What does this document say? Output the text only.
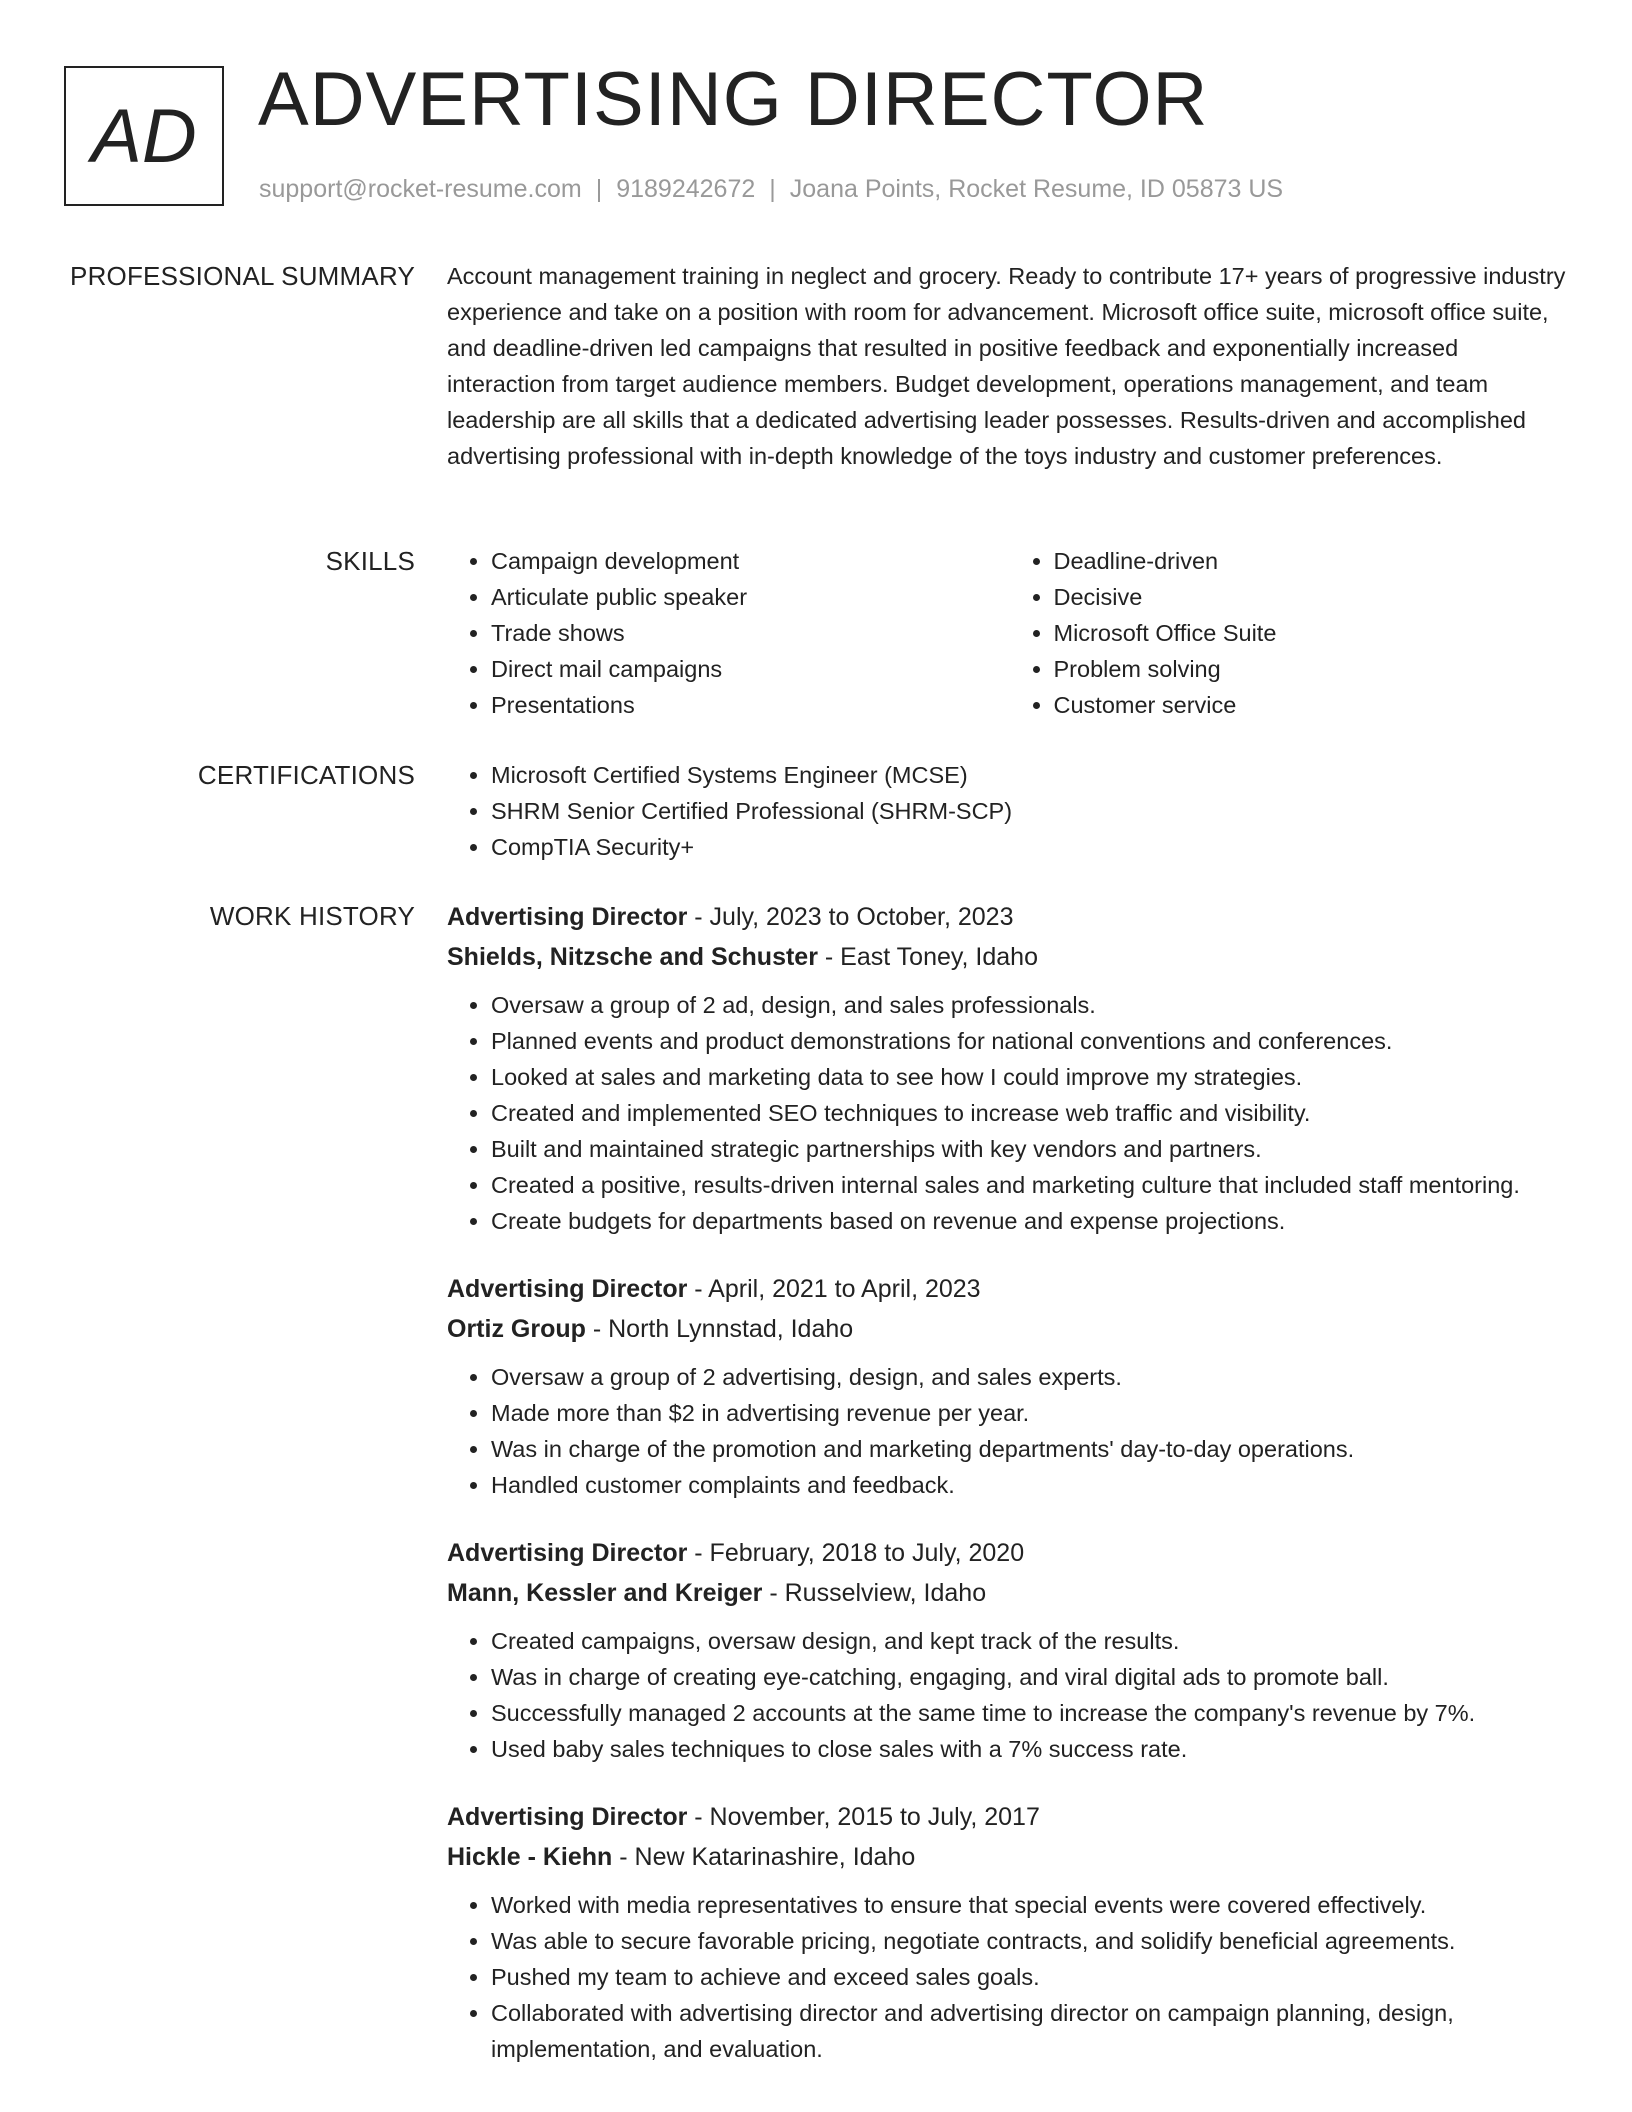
AD ADVERTISING DIRECTOR
support@rocket-resume.com | 9189242672 | Joana Points, Rocket Resume, ID 05873 US
PROFESSIONAL SUMMARY Account management training in neglect and grocery. Ready to contribute 17+ years of progressive industry experience and take on a position with room for advancement. Microsoft office suite, microsoft office suite, and deadline-driven led campaigns that resulted in positive feedback and exponentially increased interaction from target audience members. Budget development, operations management, and team leadership are all skills that a dedicated advertising leader possesses. Results-driven and accomplished advertising professional with in-depth knowledge of the toys industry and customer preferences.

SKILLS	• Campaign development
• Articulate public speaker
• Trade shows
• Direct mail campaigns
• Presentations
• Deadline-driven
• Decisive
• Microsoft Office Suite
• Problem solving
• Customer service
CERTIFICATIONS	• Microsoft Certified Systems Engineer (MCSE)
• SHRM Senior Certified Professional (SHRM-SCP)
• CompTIA Security+
WORK HISTORY Advertising Director - July, 2023 to October, 2023
Shields, Nitzsche and Schuster - East Toney, Idaho
• Oversaw a group of 2 ad, design, and sales professionals.
• Planned events and product demonstrations for national conventions and conferences.
• Looked at sales and marketing data to see how I could improve my strategies.
• Created and implemented SEO techniques to increase web traffic and visibility.
• Built and maintained strategic partnerships with key vendors and partners.
• Created a positive, results-driven internal sales and marketing culture that included staff mentoring.
• Create budgets for departments based on revenue and expense projections.
Advertising Director - April, 2021 to April, 2023
Ortiz Group - North Lynnstad, Idaho
• Oversaw a group of 2 advertising, design, and sales experts.
• Made more than $2 in advertising revenue per year.
• Was in charge of the promotion and marketing departments' day-to-day operations.
• Handled customer complaints and feedback.
Advertising Director - February, 2018 to July, 2020
Mann, Kessler and Kreiger - Russelview, Idaho
• Created campaigns, oversaw design, and kept track of the results.
• Was in charge of creating eye-catching, engaging, and viral digital ads to promote ball.
• Successfully managed 2 accounts at the same time to increase the company's revenue by 7%.
• Used baby sales techniques to close sales with a 7% success rate.
Advertising Director - November, 2015 to July, 2017
Hickle - Kiehn - New Katarinashire, Idaho
• Worked with media representatives to ensure that special events were covered effectively.
• Was able to secure favorable pricing, negotiate contracts, and solidify beneficial agreements.
• Pushed my team to achieve and exceed sales goals.
• Collaborated with advertising director and advertising director on campaign planning, design, implementation, and evaluation.
